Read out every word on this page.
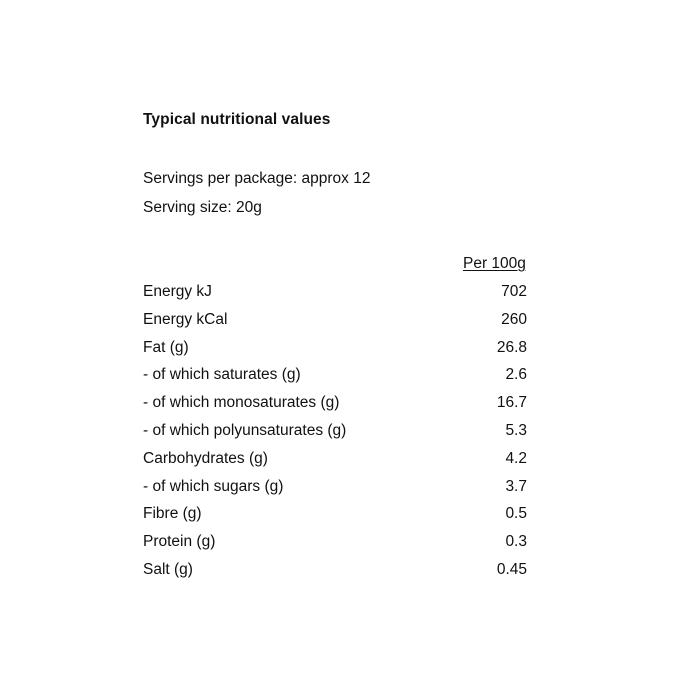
Typical nutritional values
Servings per package: approx 12
Serving size: 20g
Per 100g
Energy kJ	702
Energy kCal	260
Fat (g)	26.8
- of which saturates (g)	2.6
- of which monosaturates (g)	16.7
- of which polyunsaturates (g)	5.3
Carbohydrates (g)	4.2
- of which sugars (g)	3.7
Fibre (g)	0.5
Protein (g)	0.3
Salt (g)	0.45
